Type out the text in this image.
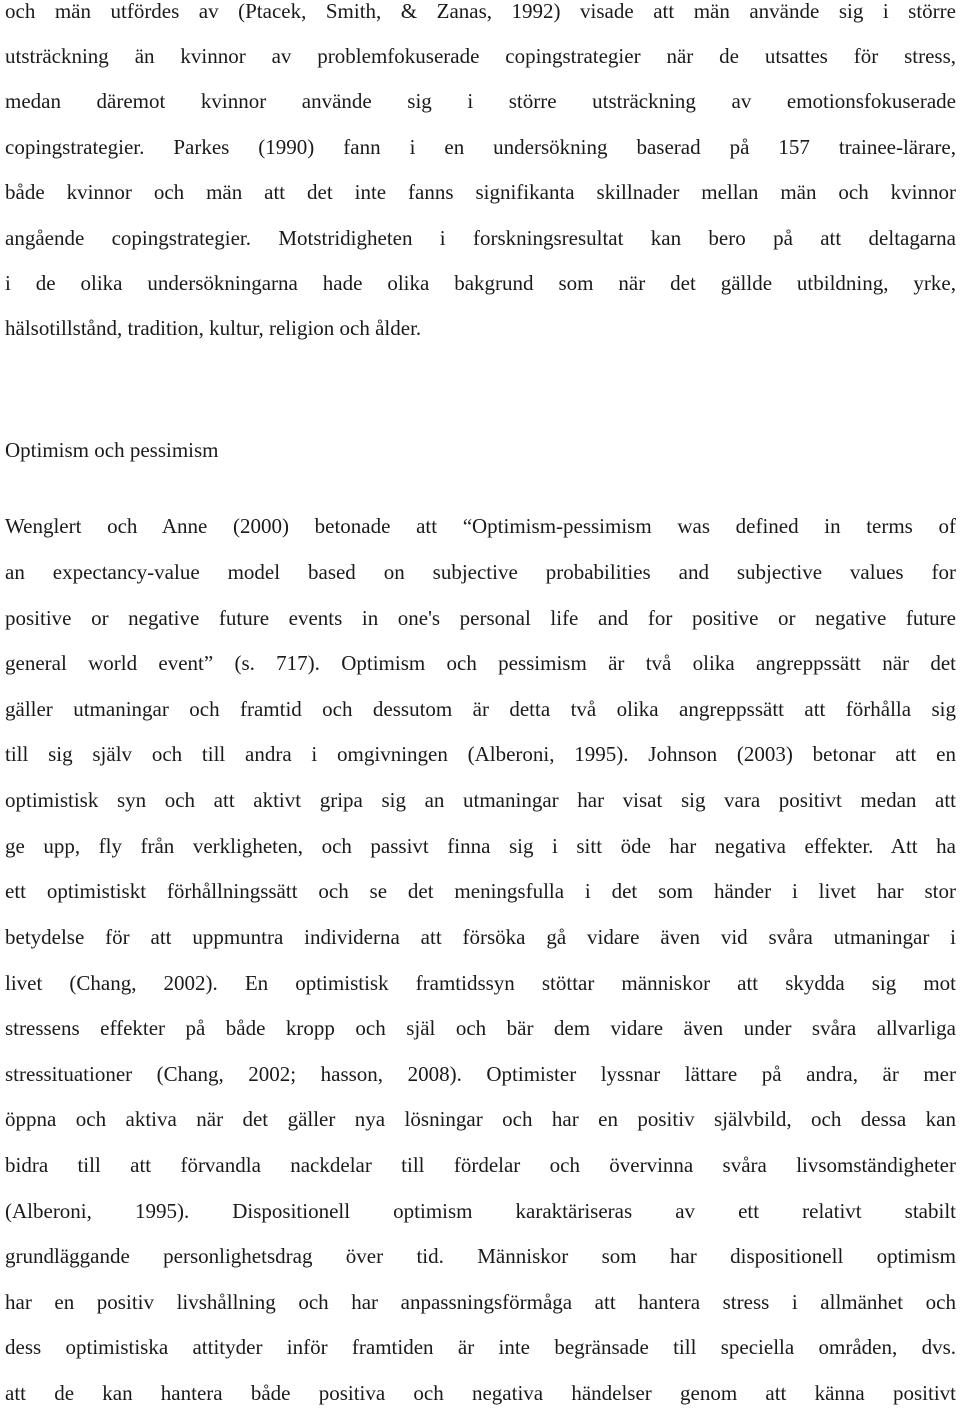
och män utfördes av (Ptacek, Smith, & Zanas, 1992) visade att män använde sig i större
utsträckning än kvinnor av problemfokuserade copingstrategier när de utsattes för stress,
medan däremot kvinnor använde sig i större utsträckning av emotionsfokuserade
copingstrategier. Parkes (1990) fann i en undersökning baserad på 157 trainee-lärare,
både kvinnor och män att det inte fanns signifikanta skillnader mellan män och kvinnor
angående copingstrategier. Motstridigheten i forskningsresultat kan bero på att deltagarna
i de olika undersökningarna hade olika bakgrund som när det gällde utbildning, yrke,
hälsotillstånd, tradition, kultur, religion och ålder.
Optimism och pessimism
Wenglert och Anne (2000) betonade att “Optimism-pessimism was defined in terms of
an expectancy-value model based on subjective probabilities and subjective values for
positive or negative future events in one's personal life and for positive or negative future
general world event” (s. 717). Optimism och pessimism är två olika angreppssätt när det
gäller utmaningar och framtid och dessutom är detta två olika angreppssätt att förhålla sig
till sig själv och till andra i omgivningen (Alberoni, 1995). Johnson (2003) betonar att en
optimistisk syn och att aktivt gripa sig an utmaningar har visat sig vara positivt medan att
ge upp, fly från verkligheten, och passivt finna sig i sitt öde har negativa effekter. Att ha
ett optimistiskt förhållningssätt och se det meningsfulla i det som händer i livet har stor
betydelse för att uppmuntra individerna att försöka gå vidare även vid svåra utmaningar i
livet (Chang, 2002). En optimistisk framtidssyn stöttar människor att skydda sig mot
stressens effekter på både kropp och själ och bär dem vidare även under svåra allvarliga
stressituationer (Chang, 2002; hasson, 2008). Optimister lyssnar lättare på andra, är mer
öppna och aktiva när det gäller nya lösningar och har en positiv självbild, och dessa kan
bidra till att förvandla nackdelar till fördelar och övervinna svåra livsomständigheter
(Alberoni, 1995). Dispositionell optimism karaktäriseras av ett relativt stabilt
grundläggande personlighetsdrag över tid. Människor som har dispositionell optimism
har en positiv livshållning och har anpassningsförmåga att hantera stress i allmänhet och
dess optimistiska attityder inför framtiden är inte begränsade till speciella områden, dvs.
att de kan hantera både positiva och negativa händelser genom att känna positivt
